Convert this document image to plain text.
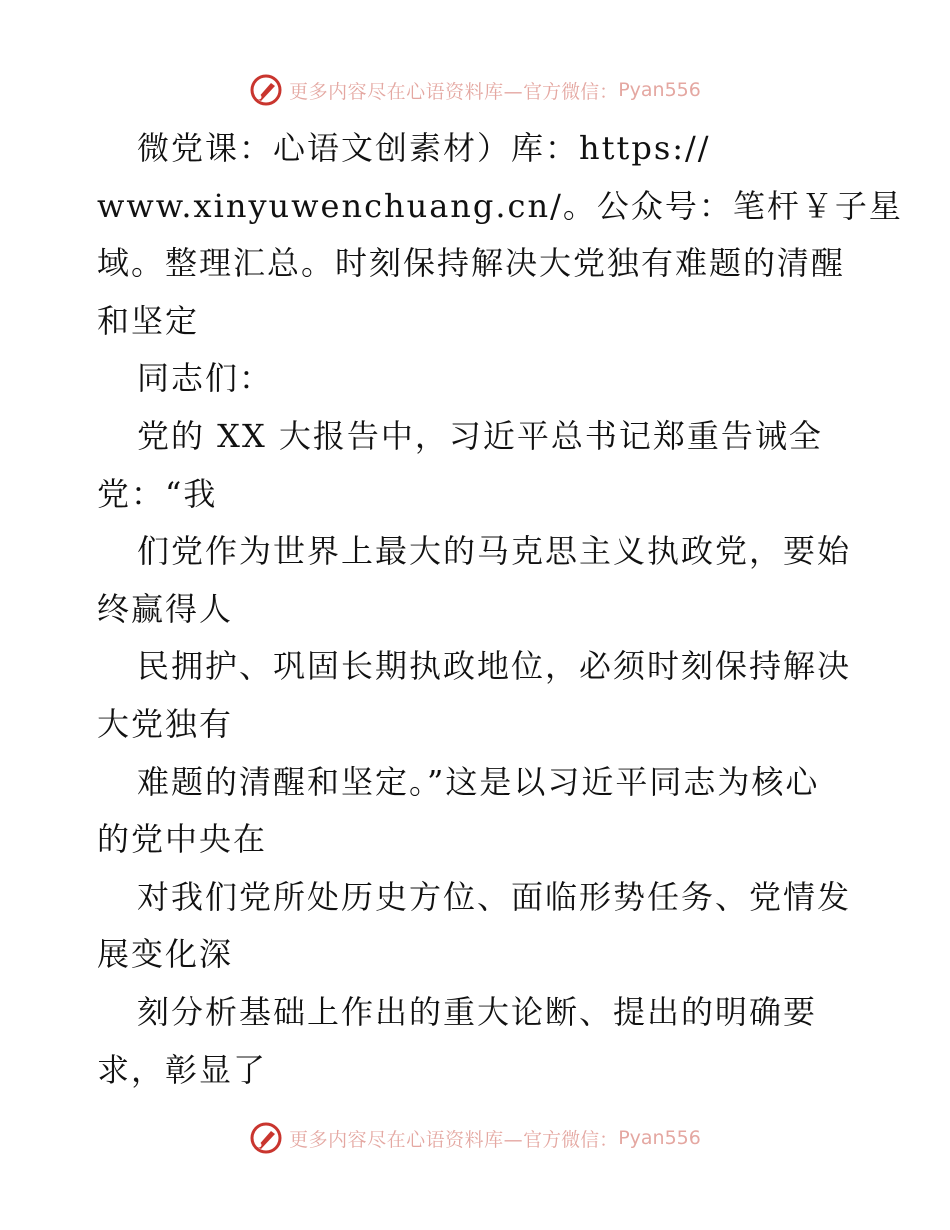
更多内容尽在心语资料库— 官方微信： Pyan556
微党课：心语文创素材）库：https://
www.xinyuwenchuang.cn/。公众号：笔杆￥子星
域。整理汇总。时刻保持解决大党独有难题的清醒
和坚定
同志们：
党的 XX 大报告中，习近平总书记郑重告诫全
党：“我
们党作为世界上最大的马克思主义执政党，要始
终赢得人
民拥护、巩固长期执政地位，必须时刻保持解决
大党独有
难题的清醒和坚定。”这是以习近平同志为核心
的党中央在
对我们党所处历史方位、面临形势任务、党情发
展变化深
刻分析基础上作出的重大论断、提出的明确要
求，彰显了
更多内容尽在心语资料库— 官方微信： Pyan556
